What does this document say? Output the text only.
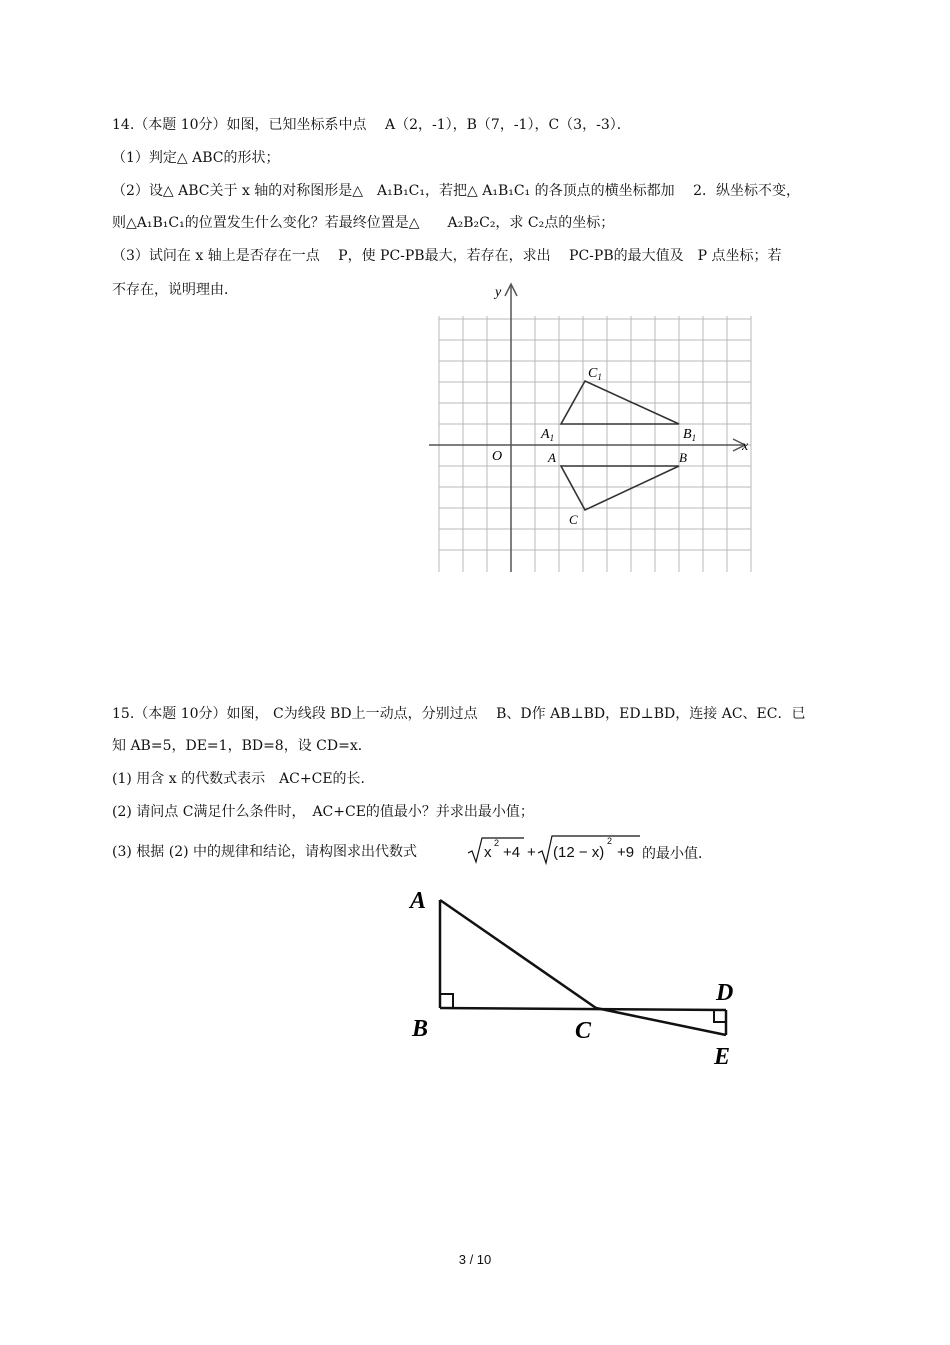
14.（本题 10分）如图，已知坐标系中点　 A（2，-1），B（7，-1），C（3，-3）．
（1）判定△ ABC的形状；
（2）设△ ABC关于 x 轴的对称图形是△　A₁B₁C₁，若把△ A₁B₁C₁ 的各顶点的横坐标都加　 2．纵坐标不变，
则△A₁B₁C₁的位置发生什么变化？若最终位置是△　　A₂B₂C₂，求 C₂点的坐标；
（3）试问在 x 轴上是否存在一点　 P，使 PC-PB最大，若存在，求出　 PC-PB的最大值及　P 点坐标；若
不存在，说明理由．
x
y
O
$C_1$
$A_1$	$B_1$
A	B
C
15.（本题 10分）如图， C为线段 BD上一动点，分别过点　 B、D作 AB⊥BD，ED⊥BD，连接 AC、EC．已
知 AB=5，DE=1，BD=8，设 CD=x．
(1) 用含 x 的代数式表示　AC+CE的长．
(2) 请问点 C满足什么条件时，　AC+CE的值最小？并求出最小值；
(3) 根据 (2) 中的规律和结论，请构图求出代数式	x
2
+4 + (12 − x)
2
+9 的最小值．
A
B	C
D
E
3 / 10
